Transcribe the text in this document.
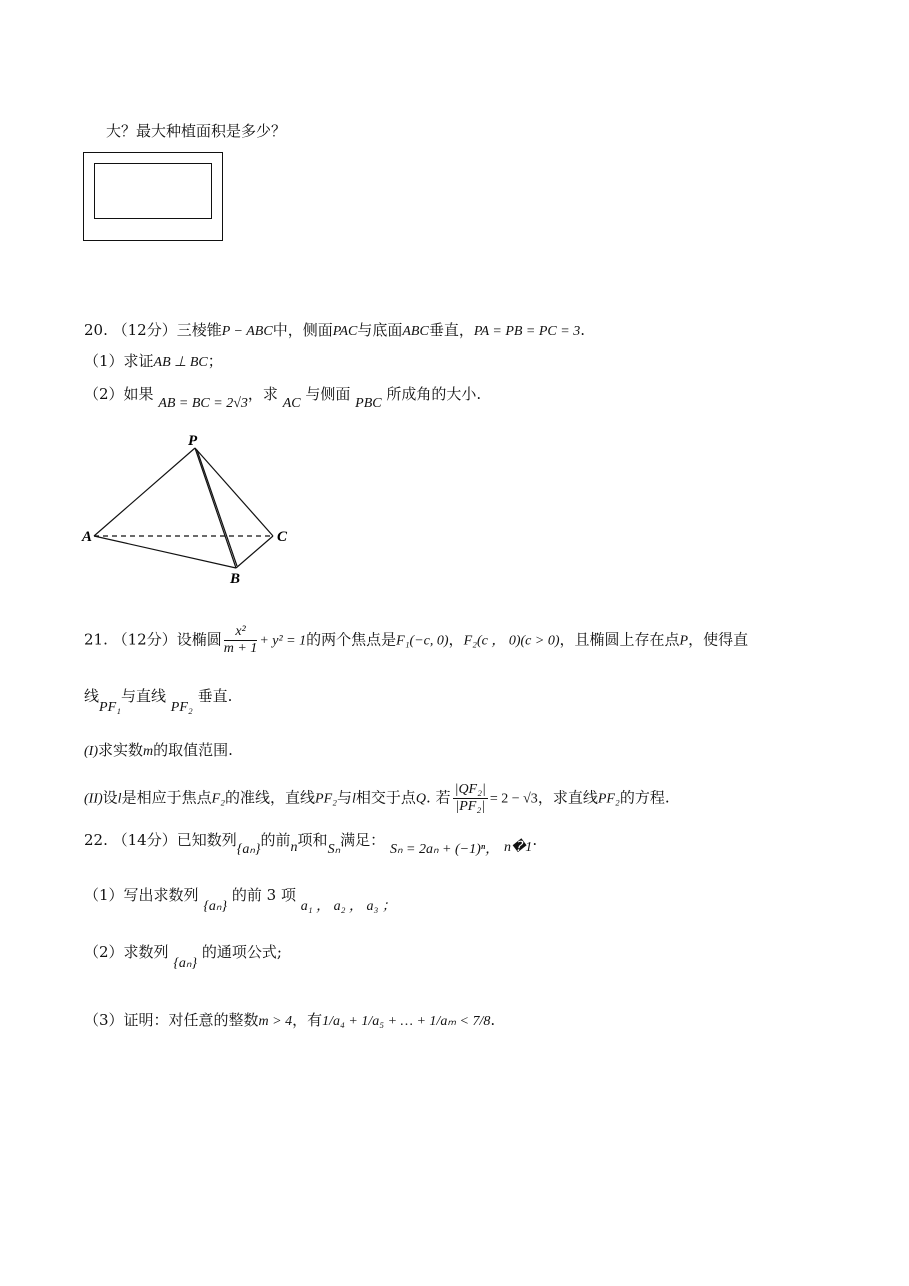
大？最大种植面积是多少？
20. （12分）三棱锥P − ABC中，侧面PAC与底面ABC垂直，PA = PB = PC = 3.
（1）求证AB ⊥ BC；
（2）如果 AB = BC = 2√3，求 AC 与侧面 PBC 所成角的大小.
P
A
B
C
21. （12分）设椭圆 $\frac{\text{x²}}{m + 1} + y^2 = 1$的两个焦点是F₁(−c, 0)，F₂(c ， 0)(c > 0)，且椭圆上存在点P，使得直
线PF₁与直线 PF₂ 垂直.
(I)求实数m的取值范围.
(II)设l是相应于焦点F₂的准线，直线PF₂与l相交于点Q. 若 $\frac{\text{|QF₂|}}{\text{|PF₂|}} = 2 - √3$，求直线PF₂的方程.
22. （14分）已知数列{aₙ}的前n项和Sₙ满足： Sₙ = 2aₙ + (−1)ⁿ， n�1.
（1）写出求数列 {aₙ} 的前 3 项 a₁ ， a₂ ， a₃ ；
（2）求数列 {aₙ} 的通项公式;
（3）证明：对任意的整数m > 4，有1/a₄ + 1/a₅ + … + 1/aₘ < 7/8.
